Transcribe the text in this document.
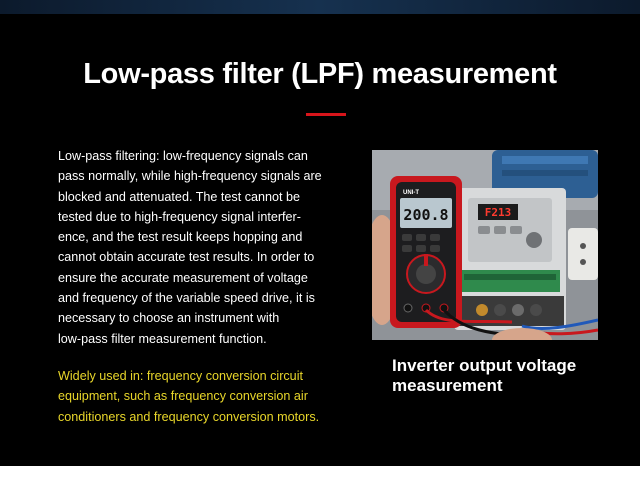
Low-pass filter (LPF) measurement
Low-pass filtering: low-frequency signals can
pass normally, while high-frequency signals are
blocked and attenuated. The test cannot be
tested due to high-frequency signal interfer-
ence, and the test result keeps hopping and
cannot obtain accurate test results. In order to
ensure the accurate measurement of voltage
and frequency of the variable speed drive, it is
necessary to choose an instrument with
low-pass filter measurement function.
Widely used in: frequency conversion circuit
equipment, such as frequency conversion air
conditioners and frequency conversion motors.
F213
UNI-T
200.8
Inverter output voltage
measurement
